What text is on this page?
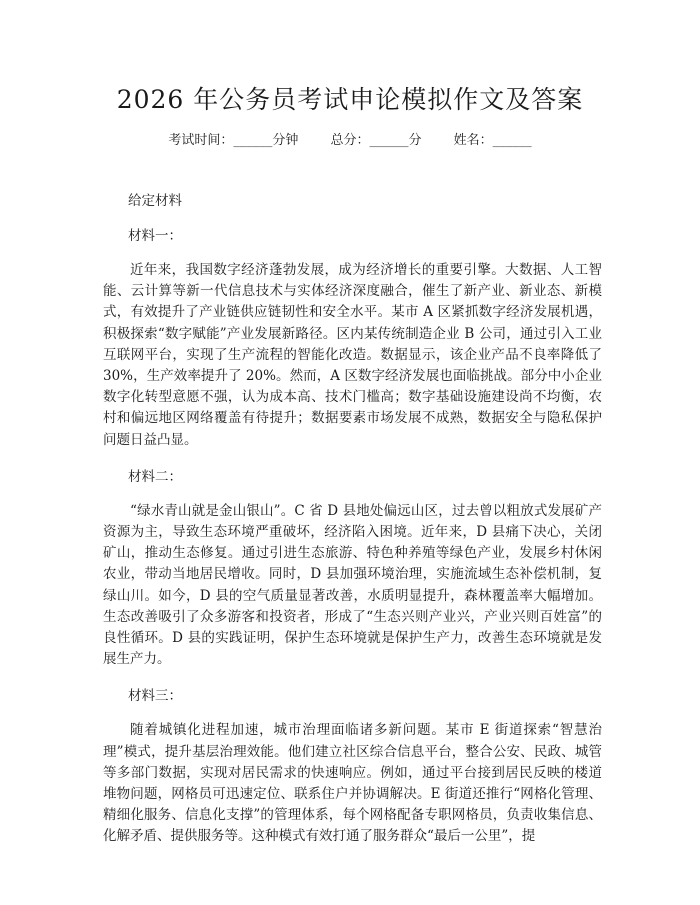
2026 年公务员考试申论模拟作文及答案
考试时间：______分钟 总分：______分 姓名：______

给定材料

材料一：

近年来，我国数字经济蓬勃发展，成为经济增长的重要引擎。大数据、人工智能、云计算等新一代信息技术与实体经济深度融合，催生了新产业、新业态、新模式，有效提升了产业链供应链韧性和安全水平。某市 A 区紧抓数字经济发展机遇，积极探索“数字赋能”产业发展新路径。区内某传统制造企业 B 公司，通过引入工业互联网平台，实现了生产流程的智能化改造。数据显示，该企业产品不良率降低了 30%，生产效率提升了 20%。然而，A 区数字经济发展也面临挑战。部分中小企业数字化转型意愿不强，认为成本高、技术门槛高；数字基础设施建设尚不均衡，农村和偏远地区网络覆盖有待提升；数据要素市场发展不成熟，数据安全与隐私保护问题日益凸显。

材料二：

“绿水青山就是金山银山”。C 省 D 县地处偏远山区，过去曾以粗放式发展矿产资源为主，导致生态环境严重破坏，经济陷入困境。近年来，D 县痛下决心，关闭矿山，推动生态修复。通过引进生态旅游、特色种养殖等绿色产业，发展乡村休闲农业，带动当地居民增收。同时，D 县加强环境治理，实施流域生态补偿机制，复绿山川。如今，D 县的空气质量显著改善，水质明显提升，森林覆盖率大幅增加。生态改善吸引了众多游客和投资者，形成了“生态兴则产业兴，产业兴则百姓富”的良性循环。D 县的实践证明，保护生态环境就是保护生产力，改善生态环境就是发展生产力。

材料三：

随着城镇化进程加速，城市治理面临诸多新问题。某市 E 街道探索“智慧治理”模式，提升基层治理效能。他们建立社区综合信息平台，整合公安、民政、城管等多部门数据，实现对居民需求的快速响应。例如，通过平台接到居民反映的楼道堆物问题，网格员可迅速定位、联系住户并协调解决。E 街道还推行“网格化管理、精细化服务、信息化支撑”的管理体系，每个网格配备专职网格员，负责收集信息、化解矛盾、提供服务等。这种模式有效打通了服务群众“最后一公里”，提
